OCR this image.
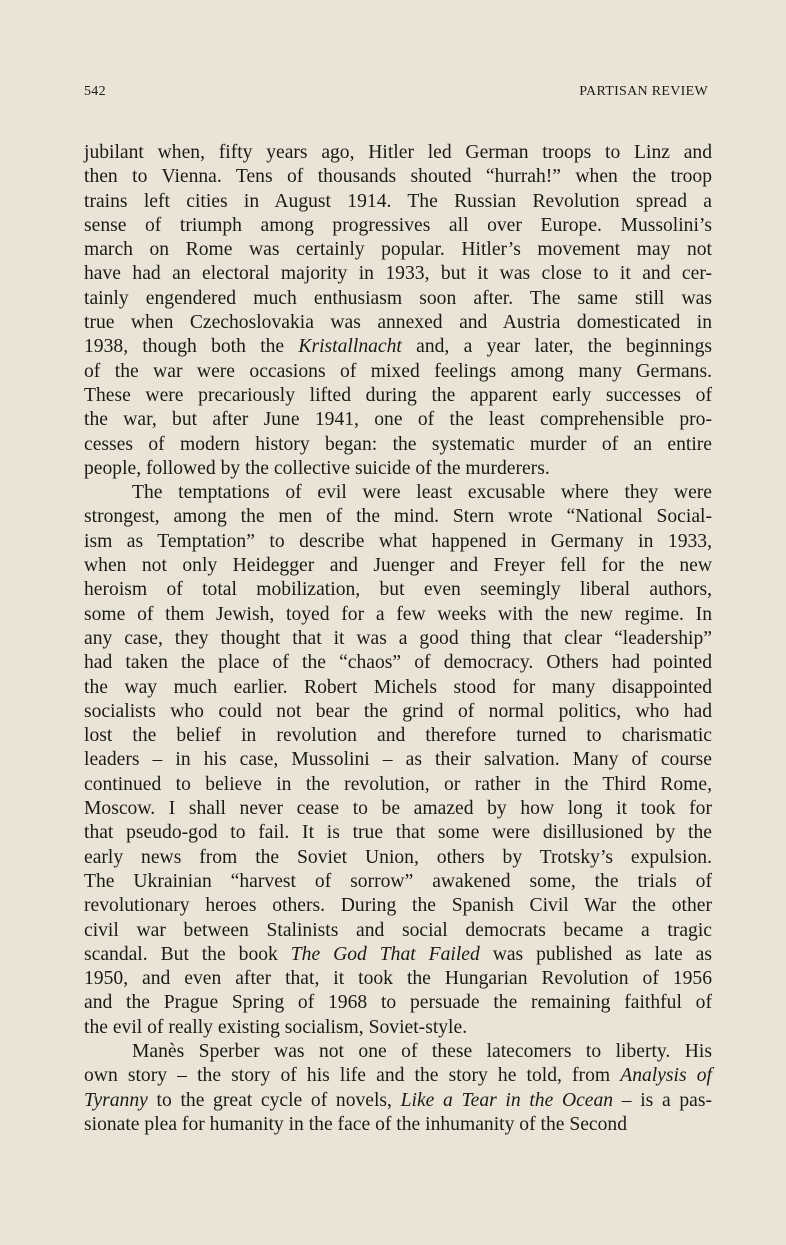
542	PARTISAN REVIEW

jubilant when, fifty years ago, Hitler led German troops to Linz and
then to Vienna. Tens of thousands shouted “hurrah!” when the troop
trains left cities in August 1914. The Russian Revolution spread a
sense of triumph among progressives all over Europe. Mussolini’s
march on Rome was certainly popular. Hitler’s movement may not
have had an electoral majority in 1933, but it was close to it and cer-
tainly engendered much enthusiasm soon after. The same still was
true when Czechoslovakia was annexed and Austria domesticated in
1938, though both the Kristallnacht and, a year later, the beginnings
of the war were occasions of mixed feelings among many Germans.
These were precariously lifted during the apparent early successes of
the war, but after June 1941, one of the least comprehensible pro-
cesses of modern history began: the systematic murder of an entire
people, followed by the collective suicide of the murderers.

The temptations of evil were least excusable where they were
strongest, among the men of the mind. Stern wrote “National Social-
ism as Temptation” to describe what happened in Germany in 1933,
when not only Heidegger and Juenger and Freyer fell for the new
heroism of total mobilization, but even seemingly liberal authors,
some of them Jewish, toyed for a few weeks with the new regime. In
any case, they thought that it was a good thing that clear “leadership”
had taken the place of the “chaos” of democracy. Others had pointed
the way much earlier. Robert Michels stood for many disappointed
socialists who could not bear the grind of normal politics, who had
lost the belief in revolution and therefore turned to charismatic
leaders – in his case, Mussolini – as their salvation. Many of course
continued to believe in the revolution, or rather in the Third Rome,
Moscow. I shall never cease to be amazed by how long it took for
that pseudo-god to fail. It is true that some were disillusioned by the
early news from the Soviet Union, others by Trotsky’s expulsion.
The Ukrainian “harvest of sorrow” awakened some, the trials of
revolutionary heroes others. During the Spanish Civil War the other
civil war between Stalinists and social democrats became a tragic
scandal. But the book The God That Failed was published as late as
1950, and even after that, it took the Hungarian Revolution of 1956
and the Prague Spring of 1968 to persuade the remaining faithful of
the evil of really existing socialism, Soviet-style.

Manès Sperber was not one of these latecomers to liberty. His
own story – the story of his life and the story he told, from Analysis of
Tyranny to the great cycle of novels, Like a Tear in the Ocean – is a pas-
sionate plea for humanity in the face of the inhumanity of the Second
